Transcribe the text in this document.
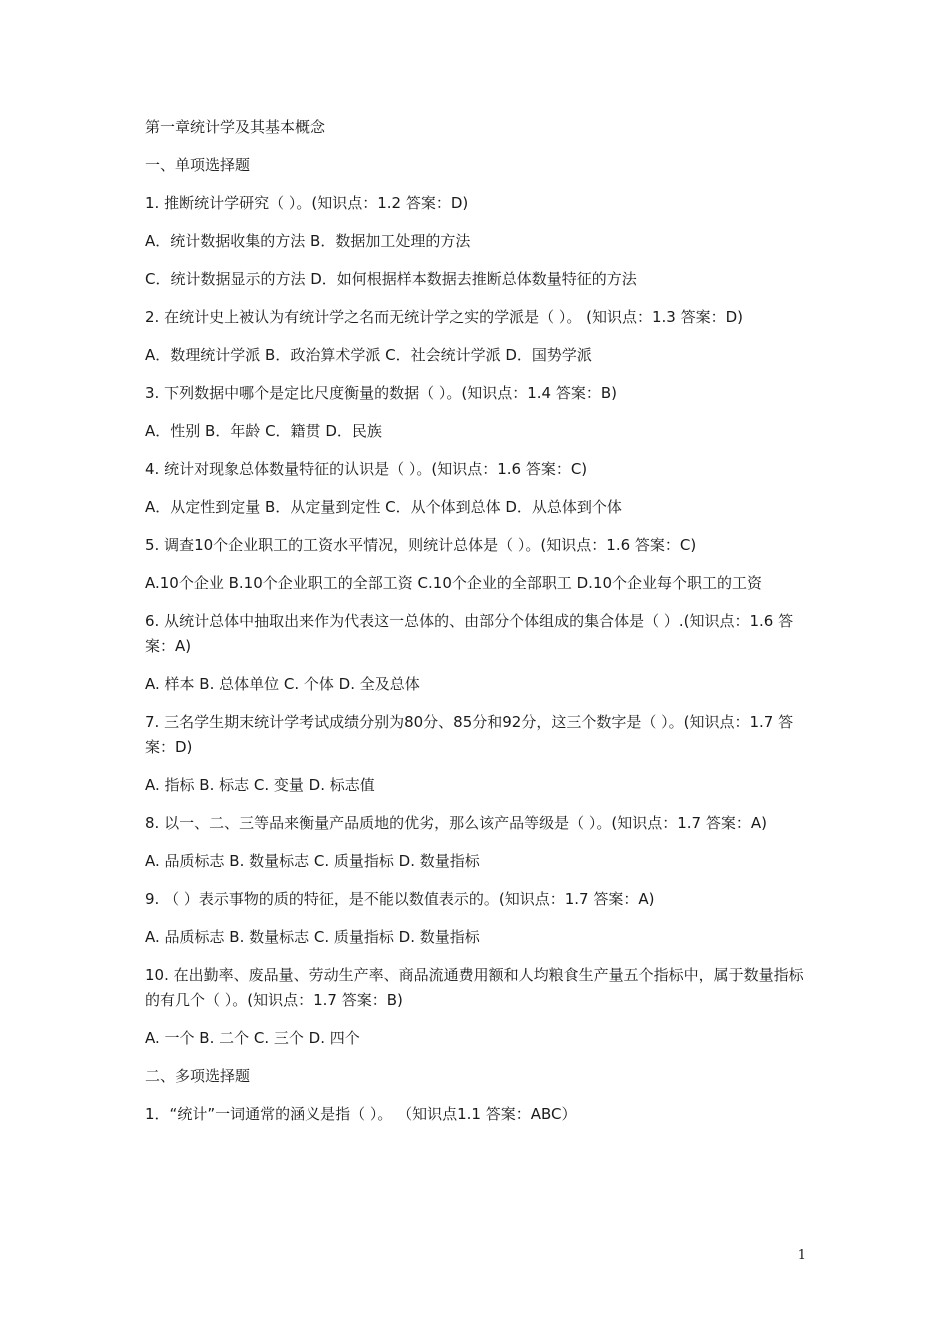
第一章统计学及其基本概念

一、单项选择题

1. 推断统计学研究（ ）。(知识点：1.2 答案：D)

A．统计数据收集的方法 B．数据加工处理的方法

C．统计数据显示的方法 D．如何根据样本数据去推断总体数量特征的方法

2. 在统计史上被认为有统计学之名而无统计学之实的学派是（ ）。 (知识点：1.3 答案：D)

A．数理统计学派 B．政治算术学派 C．社会统计学派 D．国势学派

3. 下列数据中哪个是定比尺度衡量的数据（ ）。(知识点：1.4 答案：B)

A．性别 B．年龄 C．籍贯 D．民族

4. 统计对现象总体数量特征的认识是（ ）。(知识点：1.6 答案：C)

A．从定性到定量 B．从定量到定性 C．从个体到总体 D．从总体到个体

5. 调查10个企业职工的工资水平情况，则统计总体是（ ）。(知识点：1.6 答案：C)

A.10个企业 B.10个企业职工的全部工资 C.10个企业的全部职工 D.10个企业每个职工的工资

6. 从统计总体中抽取出来作为代表这一总体的、由部分个体组成的集合体是（ ）.(知识点：1.6 答案：A)

A. 样本 B. 总体单位 C. 个体 D. 全及总体

7. 三名学生期末统计学考试成绩分别为80分、85分和92分，这三个数字是（ ）。(知识点：1.7 答案：D)

A. 指标 B. 标志 C. 变量 D. 标志值

8. 以一、二、三等品来衡量产品质地的优劣，那么该产品等级是（ ）。(知识点：1.7 答案：A)

A. 品质标志 B. 数量标志 C. 质量指标 D. 数量指标

9. （ ）表示事物的质的特征，是不能以数值表示的。(知识点：1.7 答案：A)

A. 品质标志 B. 数量标志 C. 质量指标 D. 数量指标

10. 在出勤率、废品量、劳动生产率、商品流通费用额和人均粮食生产量五个指标中，属于数量指标的有几个（ ）。(知识点：1.7 答案：B)

A. 一个 B. 二个 C. 三个 D. 四个

二、多项选择题

1．“统计”一词通常的涵义是指（ ）。 （知识点1.1 答案：ABC）

1
